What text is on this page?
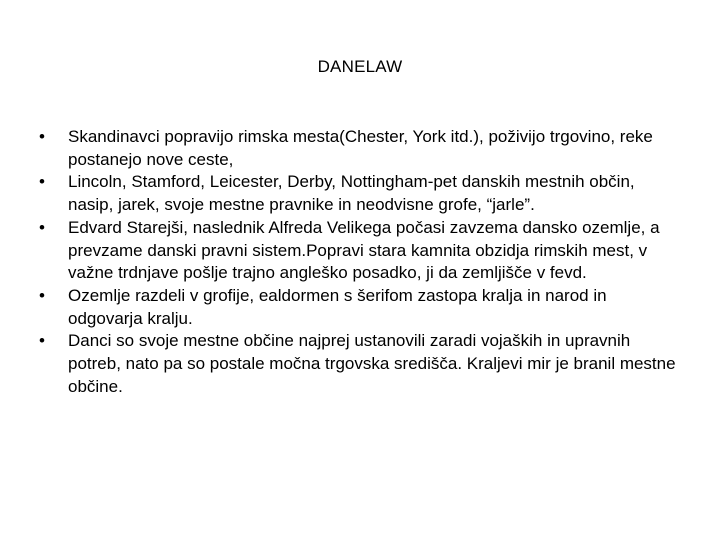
DANELAW
• Skandinavci popravijo rimska mesta(Chester, York itd.), poživijo trgovino, reke postanejo nove ceste,
• Lincoln, Stamford, Leicester, Derby, Nottingham-pet danskih mestnih občin, nasip, jarek, svoje mestne pravnike in neodvisne grofe, “jarle”.
• Edvard Starejši, naslednik Alfreda Velikega počasi zavzema dansko ozemlje, a prevzame danski pravni sistem.Popravi stara kamnita obzidja rimskih mest, v važne trdnjave pošlje trajno angleško posadko, ji da zemljišče v fevd.
• Ozemlje razdeli v grofije, ealdormen s šerifom zastopa kralja in narod in odgovarja kralju.
• Danci so svoje mestne občine najprej ustanovili zaradi vojaških in upravnih potreb, nato pa so postale močna trgovska središča. Kraljevi mir je branil mestne občine.
